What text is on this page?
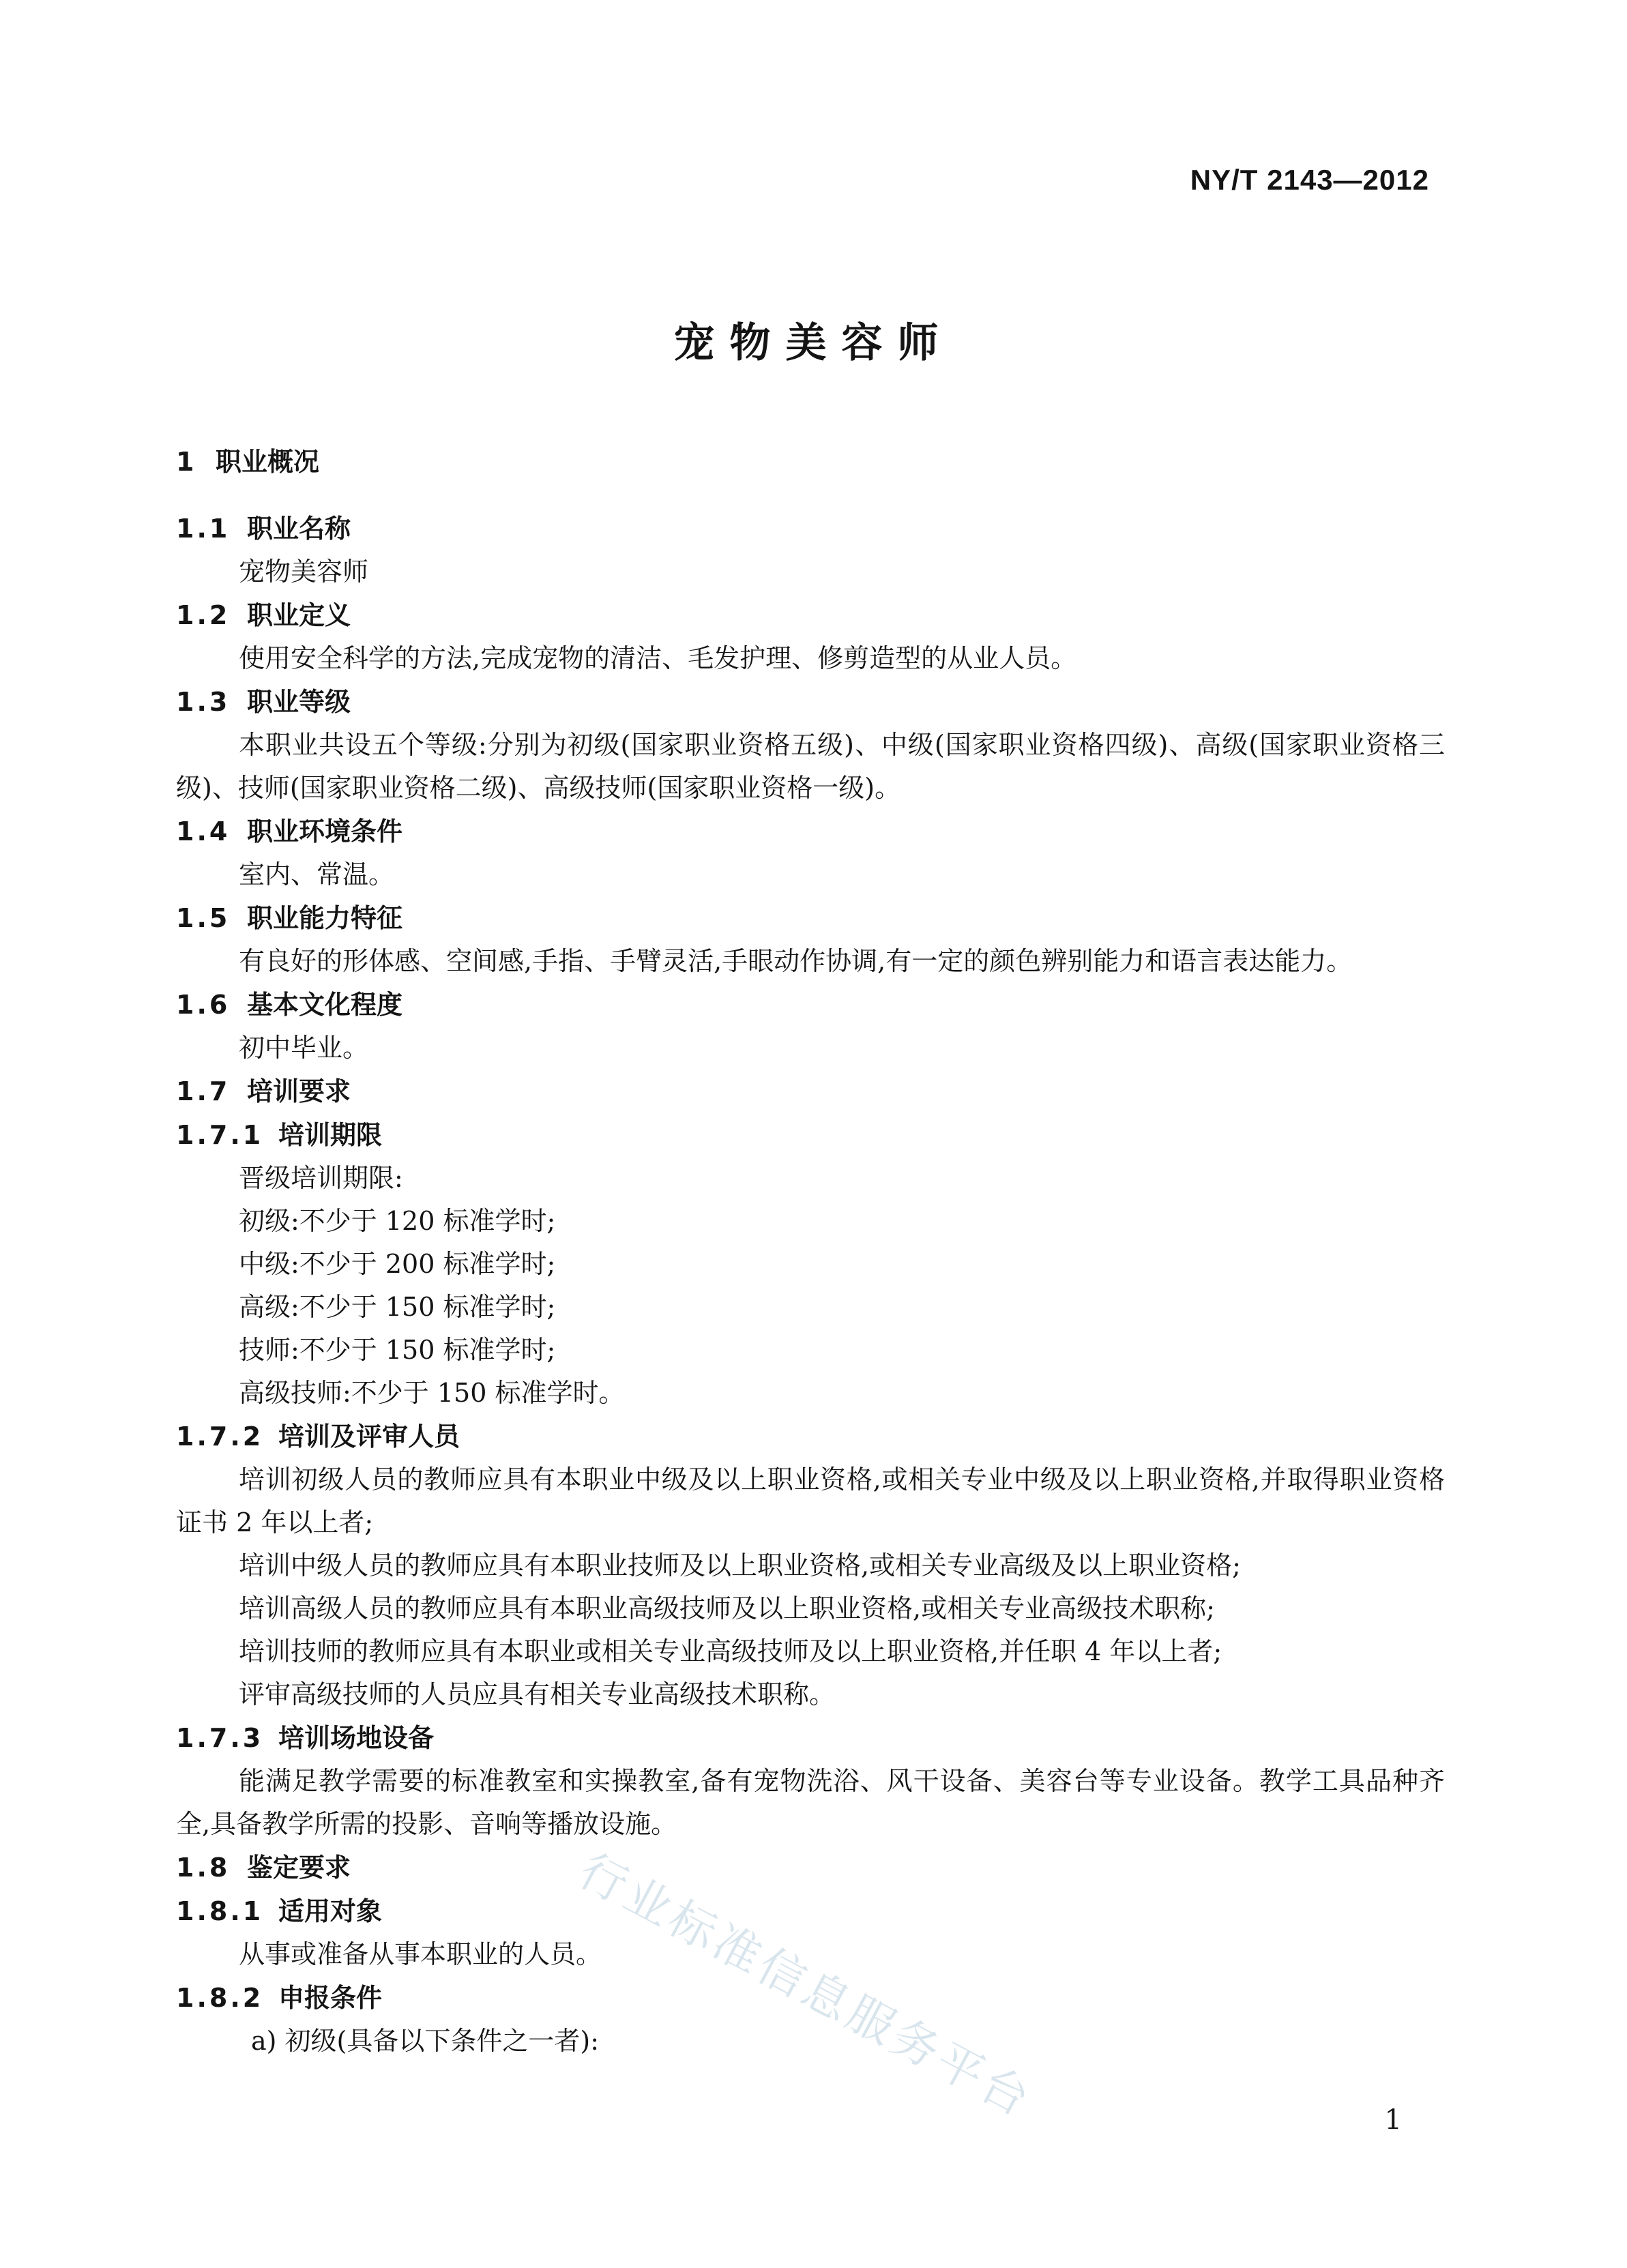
NY/T 2143—2012
宠物美容师
1 职业概况
1.1 职业名称
宠物美容师
1.2 职业定义
使用安全科学的方法,完成宠物的清洁、毛发护理、修剪造型的从业人员。
1.3 职业等级
本职业共设五个等级:分别为初级(国家职业资格五级)、中级(国家职业资格四级)、高级(国家职业资格三级)、技师(国家职业资格二级)、高级技师(国家职业资格一级)。
1.4 职业环境条件
室内、常温。
1.5 职业能力特征
有良好的形体感、空间感,手指、手臂灵活,手眼动作协调,有一定的颜色辨别能力和语言表达能力。
1.6 基本文化程度
初中毕业。
1.7 培训要求
1.7.1 培训期限
晋级培训期限:
初级:不少于 120 标准学时;
中级:不少于 200 标准学时;
高级:不少于 150 标准学时;
技师:不少于 150 标准学时;
高级技师:不少于 150 标准学时。
1.7.2 培训及评审人员
培训初级人员的教师应具有本职业中级及以上职业资格,或相关专业中级及以上职业资格,并取得职业资格证书 2 年以上者;
培训中级人员的教师应具有本职业技师及以上职业资格,或相关专业高级及以上职业资格;
培训高级人员的教师应具有本职业高级技师及以上职业资格,或相关专业高级技术职称;
培训技师的教师应具有本职业或相关专业高级技师及以上职业资格,并任职 4 年以上者;
评审高级技师的人员应具有相关专业高级技术职称。
1.7.3 培训场地设备
能满足教学需要的标准教室和实操教室,备有宠物洗浴、风干设备、美容台等专业设备。教学工具品种齐全,具备教学所需的投影、音响等播放设施。
1.8 鉴定要求
1.8.1 适用对象
从事或准备从事本职业的人员。
1.8.2 申报条件
a) 初级(具备以下条件之一者):
行业标准信息服务平台	1
